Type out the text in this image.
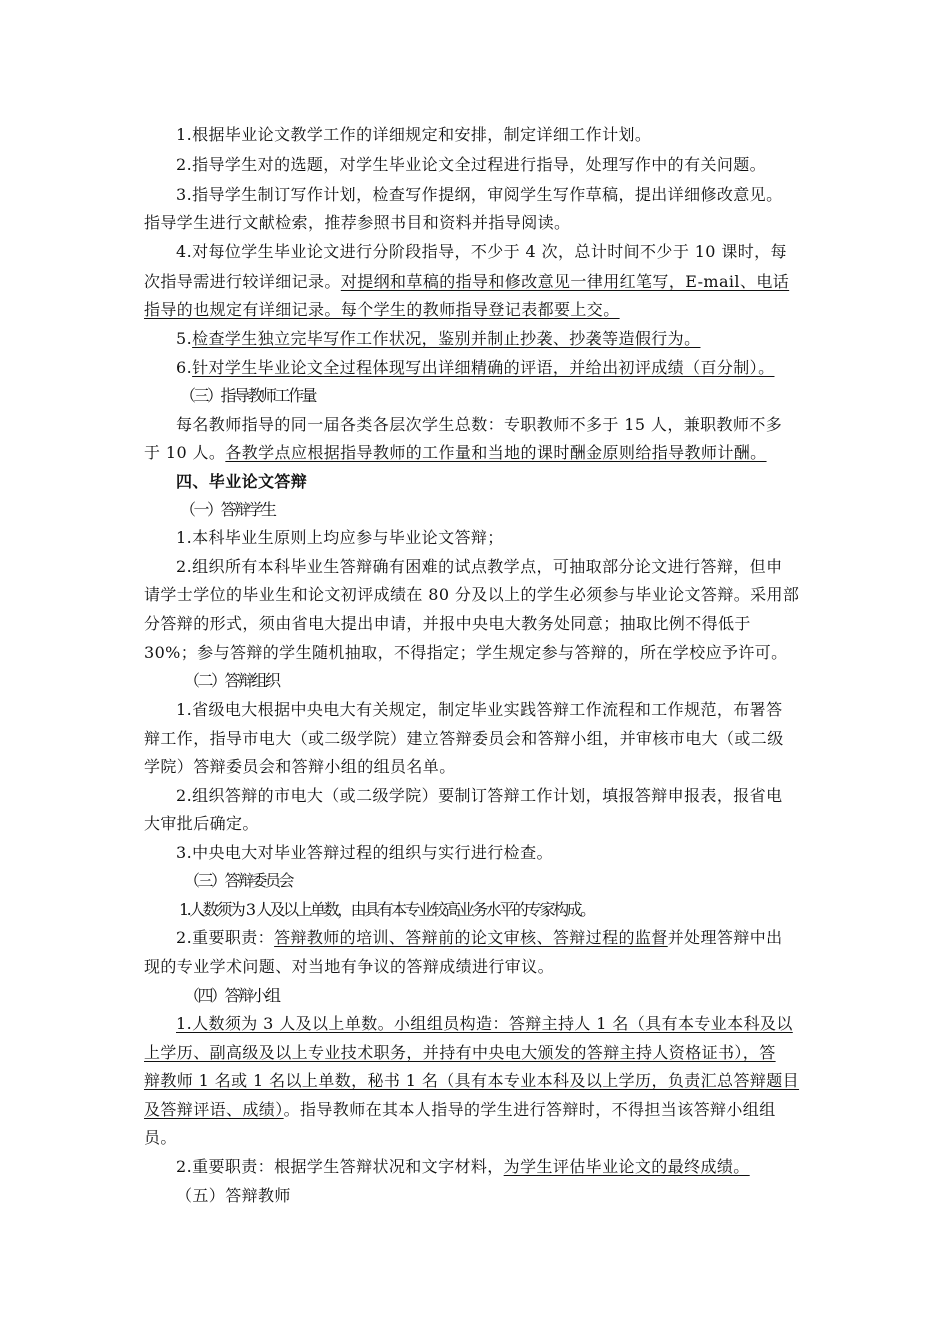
1.根据毕业论文教学工作的详细规定和安排，制定详细工作计划。
2.指导学生对的选题，对学生毕业论文全过程进行指导，处理写作中的有关问题。
3.指导学生制订写作计划，检查写作提纲，审阅学生写作草稿，提出详细修改意见。
指导学生进行文献检索，推荐参照书目和资料并指导阅读。
4.对每位学生毕业论文进行分阶段指导，不少于 4 次，总计时间不少于 10 课时，每
次指导需进行较详细记录。对提纲和草稿的指导和修改意见一律用红笔写，E-mail、电话
指导的也规定有详细记录。每个学生的教师指导登记表都要上交。
5.检查学生独立完毕写作工作状况，鉴别并制止抄袭、抄袭等造假行为。
6.针对学生毕业论文全过程体现写出详细精确的评语，并给出初评成绩（百分制）。
（三）指导教师工作量
每名教师指导的同一届各类各层次学生总数：专职教师不多于 15 人，兼职教师不多
于 10 人。各教学点应根据指导教师的工作量和当地的课时酬金原则给指导教师计酬。
四、毕业论文答辩
（一）答辩学生
1.本科毕业生原则上均应参与毕业论文答辩；
2.组织所有本科毕业生答辩确有困难的试点教学点，可抽取部分论文进行答辩，但申
请学士学位的毕业生和论文初评成绩在 80 分及以上的学生必须参与毕业论文答辩。采用部
分答辩的形式，须由省电大提出申请，并报中央电大教务处同意；抽取比例不得低于
30%；参与答辩的学生随机抽取，不得指定；学生规定参与答辩的，所在学校应予许可。
（二）答辩组织
1.省级电大根据中央电大有关规定，制定毕业实践答辩工作流程和工作规范，布署答
辩工作，指导市电大（或二级学院）建立答辩委员会和答辩小组，并审核市电大（或二级
学院）答辩委员会和答辩小组的组员名单。
2.组织答辩的市电大（或二级学院）要制订答辩工作计划，填报答辩申报表，报省电
大审批后确定。
3.中央电大对毕业答辩过程的组织与实行进行检查。
（三）答辩委员会
1.人数须为 3 人及以上单数，由具有本专业较高业务水平的专家构成。
2.重要职责：答辩教师的培训、答辩前的论文审核、答辩过程的监督并处理答辩中出
现的专业学术问题、对当地有争议的答辩成绩进行审议。
（四）答辩小组
1.人数须为 3 人及以上单数。小组组员构造：答辩主持人 1 名（具有本专业本科及以
上学历、副高级及以上专业技术职务，并持有中央电大颁发的答辩主持人资格证书），答
辩教师 1 名或 1 名以上单数，秘书 1 名（具有本专业本科及以上学历，负责汇总答辩题目
及答辩评语、成绩）。指导教师在其本人指导的学生进行答辩时，不得担当该答辩小组组
员。
2.重要职责：根据学生答辩状况和文字材料，为学生评估毕业论文的最终成绩。
（五）答辩教师
